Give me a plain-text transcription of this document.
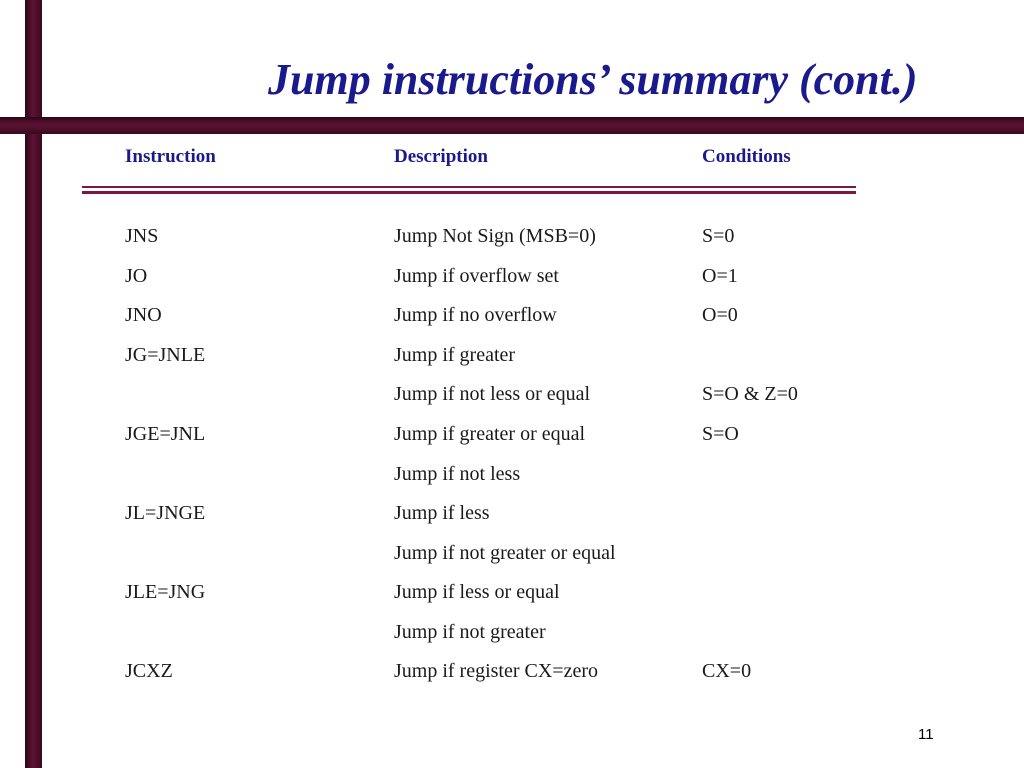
Jump instructions’ summary (cont.)
Instruction	Description	Conditions
JNS	Jump Not Sign (MSB=0)	S=0
JO	Jump if overflow set	O=1
JNO	Jump if no overflow	O=0
JG=JNLE	Jump if greater
Jump if not less or equal	S=O & Z=0
JGE=JNL	Jump if greater or equal	S=O
Jump if not less
JL=JNGE	Jump if less
Jump if not greater or equal
JLE=JNG	Jump if less or equal
Jump if not greater
JCXZ	Jump if register CX=zero	CX=0
11
